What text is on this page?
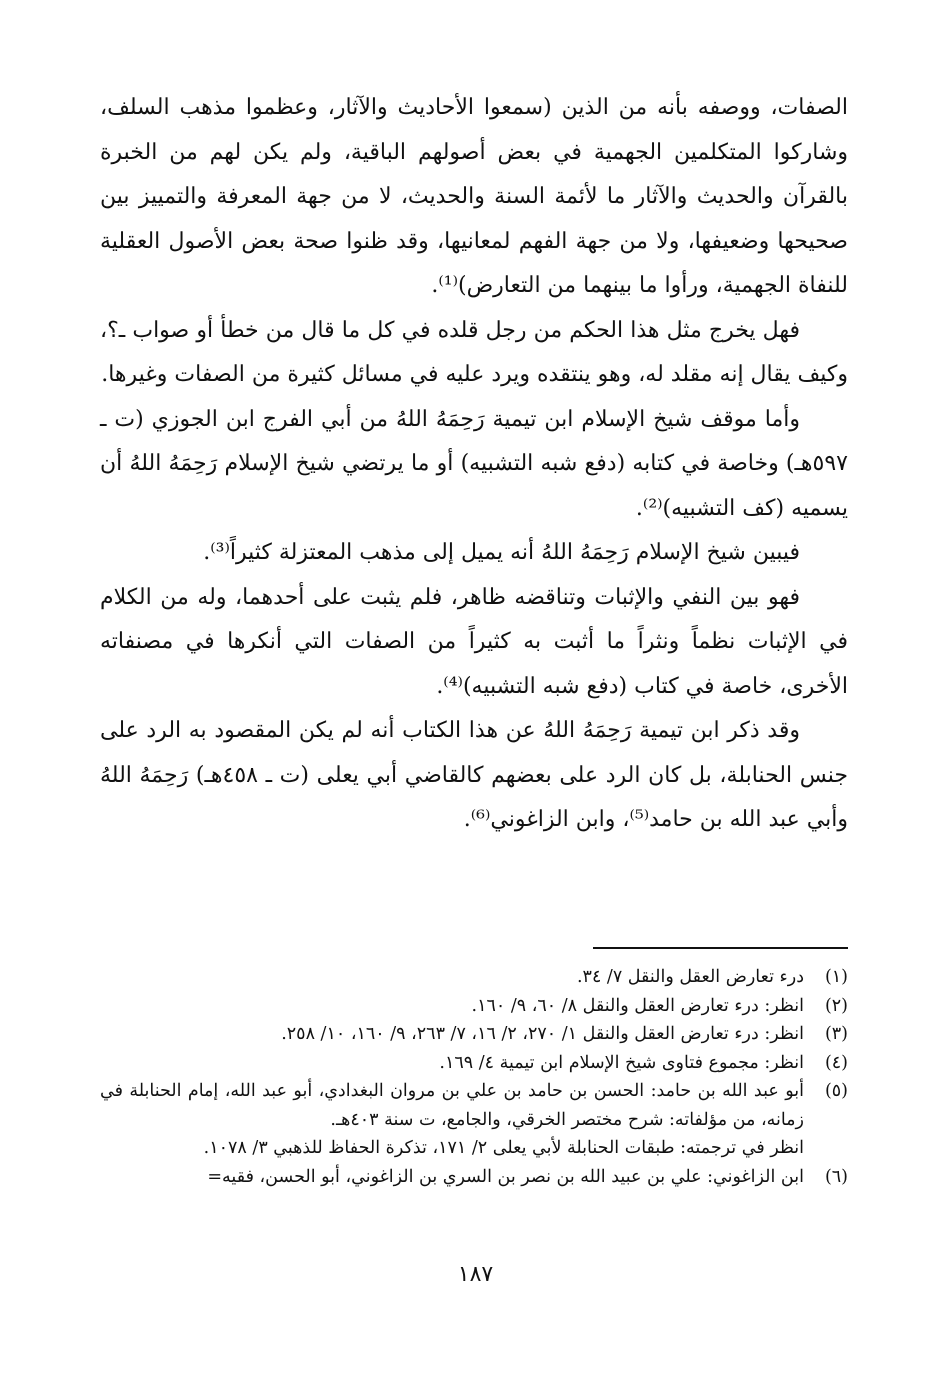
الصفات، ووصفه بأنه من الذين (سمعوا الأحاديث والآثار، وعظموا مذهب السلف، وشاركوا المتكلمين الجهمية في بعض أصولهم الباقية، ولم يكن لهم من الخبرة بالقرآن والحديث والآثار ما لأئمة السنة والحديث، لا من جهة المعرفة والتمييز بين صحيحها وضعيفها، ولا من جهة الفهم لمعانيها، وقد ظنوا صحة بعض الأصول العقلية للنفاة الجهمية، ورأوا ما بينهما من التعارض)⁽¹⁾.

فهل يخرج مثل هذا الحكم من رجل قلده في كل ما قال من خطأ أو صواب ـ؟، وكيف يقال إنه مقلد له، وهو ينتقده ويرد عليه في مسائل كثيرة من الصفات وغيرها.

وأما موقف شيخ الإسلام ابن تيمية رَحِمَهُ اللهُ من أبي الفرج ابن الجوزي (ت ـ ٥٩٧هـ) وخاصة في كتابه (دفع شبه التشبيه) أو ما يرتضي شيخ الإسلام رَحِمَهُ اللهُ أن يسميه (كف التشبيه)⁽²⁾.

فيبين شيخ الإسلام رَحِمَهُ اللهُ أنه يميل إلى مذهب المعتزلة كثيراً⁽³⁾.

فهو بين النفي والإثبات وتناقضه ظاهر، فلم يثبت على أحدهما، وله من الكلام في الإثبات نظماً ونثراً ما أثبت به كثيراً من الصفات التي أنكرها في مصنفاته الأخرى، خاصة في كتاب (دفع شبه التشبيه)⁽⁴⁾.

وقد ذكر ابن تيمية رَحِمَهُ اللهُ عن هذا الكتاب أنه لم يكن المقصود به الرد على جنس الحنابلة، بل كان الرد على بعضهم كالقاضي أبي يعلى (ت ـ ٤٥٨هـ) رَحِمَهُ اللهُ وأبي عبد الله بن حامد⁽⁵⁾، وابن الزاغوني⁽⁶⁾.

(١)
درء تعارض العقل والنقل ٧/ ٣٤.
(٢)
انظر: درء تعارض العقل والنقل ٨/ ٦٠، ٩/ ١٦٠.
(٣)
انظر: درء تعارض العقل والنقل ١/ ٢٧٠، ٢/ ١٦، ٧/ ٢٦٣، ٩/ ١٦٠، ١٠/ ٢٥٨.
(٤)
انظر: مجموع فتاوى شيخ الإسلام ابن تيمية ٤/ ١٦٩.
(٥)
أبو عبد الله بن حامد: الحسن بن حامد بن علي بن مروان البغدادي، أبو عبد الله، إمام الحنابلة في زمانه، من مؤلفاته: شرح مختصر الخرقي، والجامع، ت سنة ٤٠٣هـ.
انظر في ترجمته: طبقات الحنابلة لأبي يعلى ٢/ ١٧١، تذكرة الحفاظ للذهبي ٣/ ١٠٧٨.
(٦)
ابن الزاغوني: علي بن عبيد الله بن نصر بن السري بن الزاغوني، أبو الحسن، فقيه=
١٨٧
